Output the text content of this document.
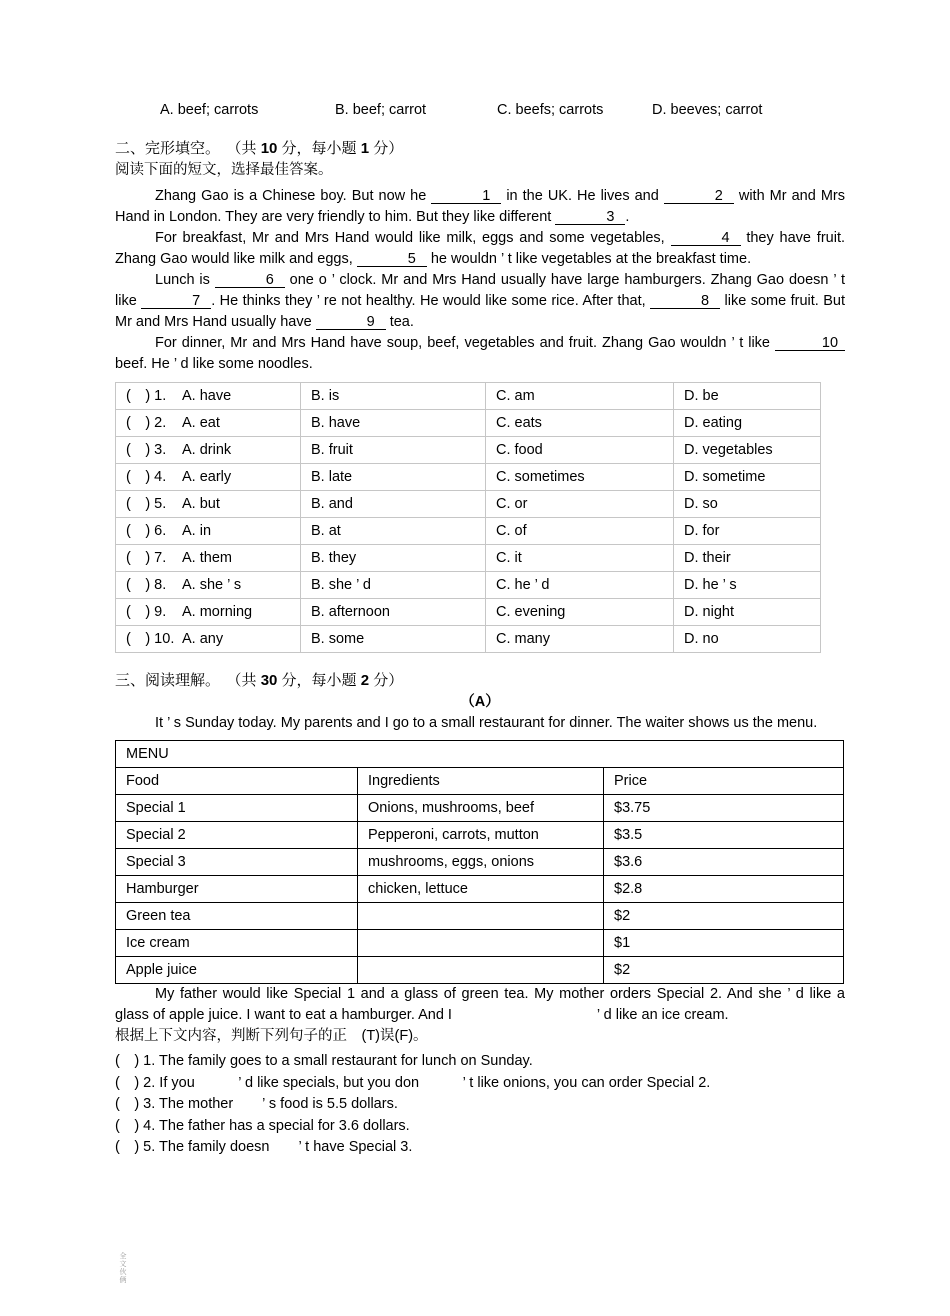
A. beef; carrots	B. beef; carrot	C. beefs; carrots	D. beeves; carrot
二、完形填空。 （共 10 分，每小题 1 分）
阅读下面的短文，选择最佳答案。

Zhang Gao is a Chinese boy. But now he	1 in the UK. He lives and	2 with Mr and Mrs Hand in London. They are very friendly to him. But they like different	3 .

For breakfast, Mr and Mrs Hand would like milk, eggs and some vegetables,	4 they have fruit. Zhang Gao would like milk and eggs,	5 he wouldn ’ t like vegetables at the breakfast time.

Lunch is	6 one o ’ clock. Mr and Mrs Hand usually have large hamburgers. Zhang Gao doesn ’ t like	7 . He thinks they ’ re not healthy. He would like some rice. After that,	8 like some fruit. But Mr and Mrs Hand usually have	9 tea.

For dinner, Mr and Mrs Hand have soup, beef, vegetables and fruit. Zhang Gao wouldn ’ t like	10 beef. He ’ d like some noodles.

(　) 1. A. have	B. is	C. am	D. be
(　) 2. A. eat	B. have	C. eats	D. eating
(　) 3. A. drink	B. fruit	C. food	D. vegetables
(　) 4. A. early	B. late	C. sometimes	D. sometime
(　) 5. A. but	B. and	C. or	D. so
(　) 6. A. in	B. at	C. of	D. for
(　) 7. A. them	B. they	C. it	D. their
(　) 8. A. she ’ s	B. she ’ d	C. he ’ d	D. he ’ s
(　) 9. A. morning	B. afternoon	C. evening	D. night
(　) 10. A. any	B. some	C. many	D. no
三、阅读理解。 （共 30 分，每小题 2 分）
（A）

It ’ s Sunday today. My parents and I go to a small restaurant for dinner. The waiter shows us the menu.

MENU		
Food	Ingredients	Price
Special 1	Onions, mushrooms, beef	$3.75
Special 2	Pepperoni, carrots, mutton	$3.5
Special 3	mushrooms, eggs, onions	$3.6
Hamburger	chicken, lettuce	$2.8
Green tea		$2
Ice cream		$1
Apple juice		$2

My father would like Special 1 and a glass of green tea. My mother orders Special 2. And she ’ d like a glass of apple juice. I want to eat a hamburger. And I　　　　　　　　　　’ d like an ice cream.

根据上下文内容，判断下列句子的正　(T)误(F)。
(　) 1. The family goes to a small restaurant for lunch on Sunday.
(　) 2. If you　　　’ d like specials, but you don　　　’ t like onions, you can order Special 2.
(　) 3. The mother　　’ s food is 5.5 dollars.
(　) 4. The father has a special for 3.6 dollars.
(　) 5. The family doesn　　’ t have Special 3.
全文伙俩
